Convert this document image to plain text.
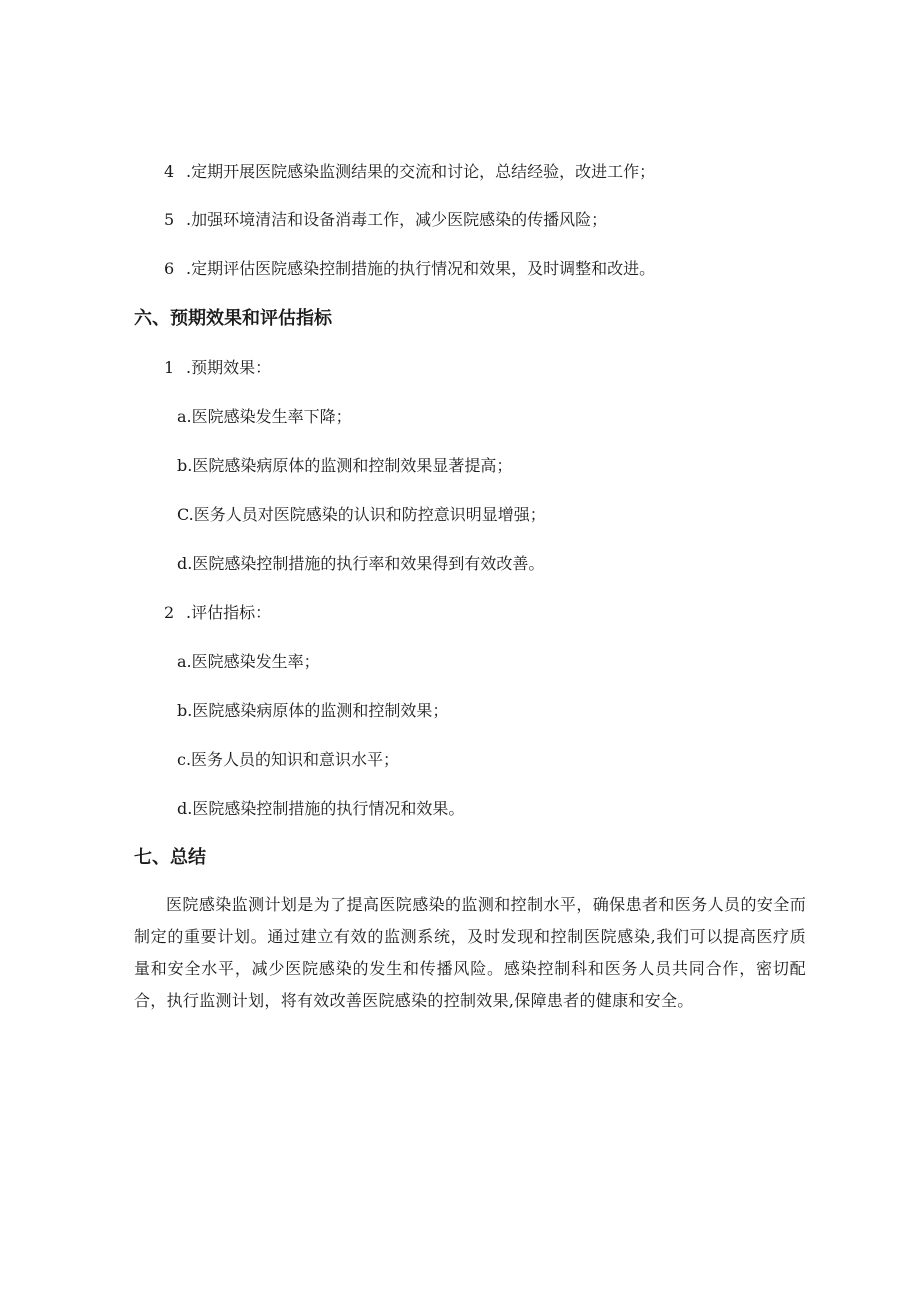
4 .定期开展医院感染监测结果的交流和讨论，总结经验，改进工作；
5 .加强环境清洁和设备消毒工作，减少医院感染的传播风险；
6 .定期评估医院感染控制措施的执行情况和效果，及时调整和改进。
六、预期效果和评估指标
1 .预期效果：
a.医院感染发生率下降；
b.医院感染病原体的监测和控制效果显著提高；
C.医务人员对医院感染的认识和防控意识明显增强；
d.医院感染控制措施的执行率和效果得到有效改善。
2 .评估指标：
a.医院感染发生率；
b.医院感染病原体的监测和控制效果；
c.医务人员的知识和意识水平；
d.医院感染控制措施的执行情况和效果。
七、总结
医院感染监测计划是为了提高医院感染的监测和控制水平，确保患者和医务人员的安全而制定的重要计划。通过建立有效的监测系统，及时发现和控制医院感染,我们可以提高医疗质量和安全水平，减少医院感染的发生和传播风险。感染控制科和医务人员共同合作，密切配合，执行监测计划，将有效改善医院感染的控制效果,保障患者的健康和安全。
